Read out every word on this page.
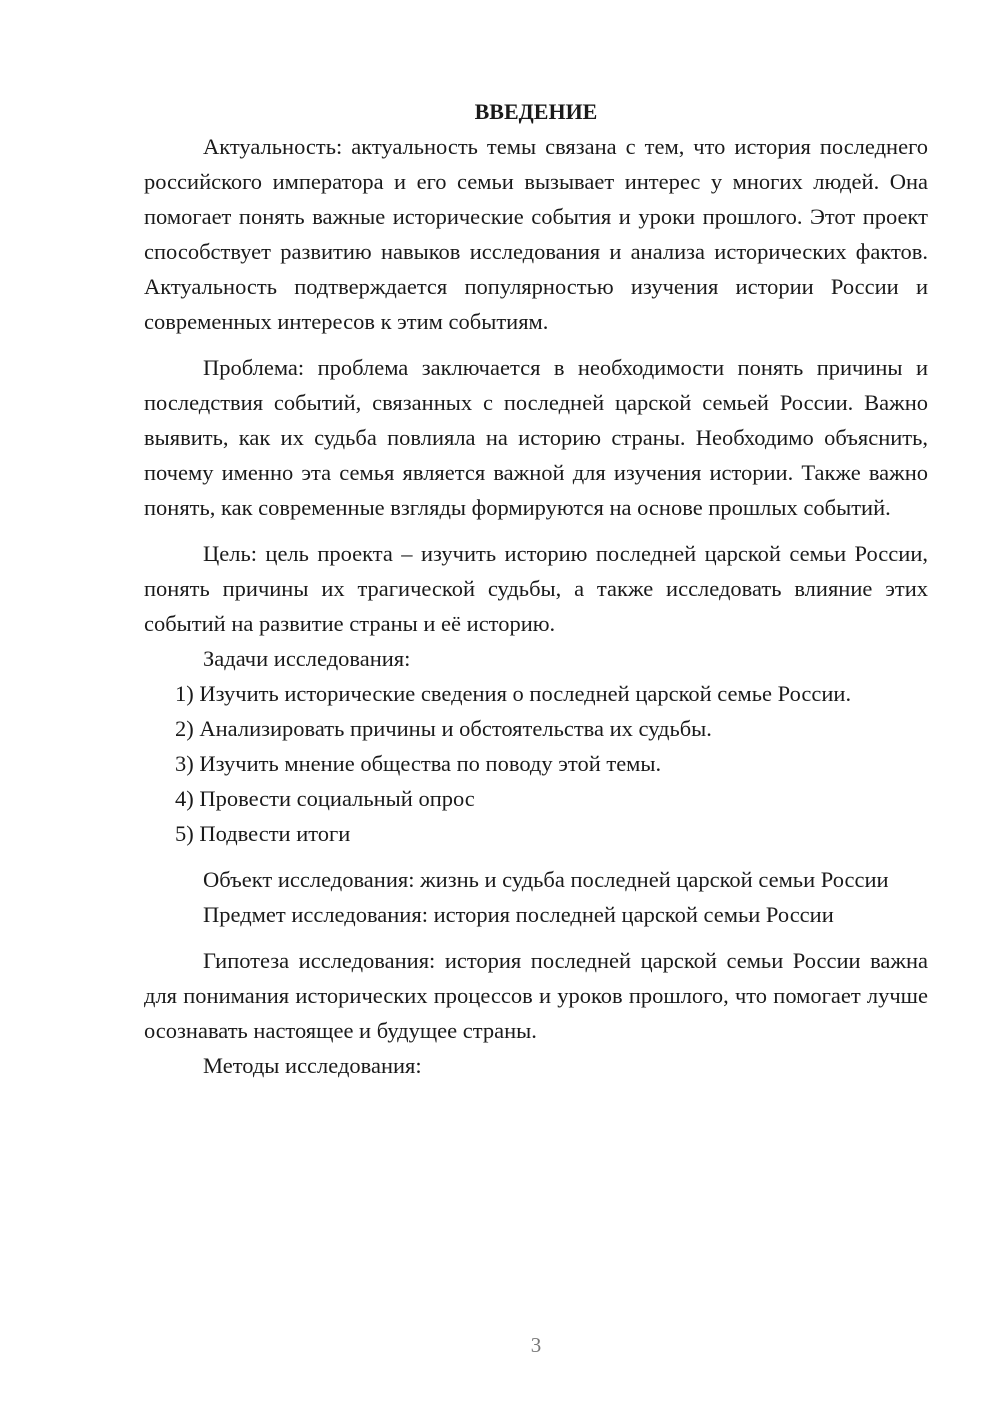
ВВЕДЕНИЕ

Актуальность: актуальность темы связана с тем, что история последнего российского императора и его семьи вызывает интерес у многих людей. Она помогает понять важные исторические события и уроки прошлого. Этот проект способствует развитию навыков исследования и анализа исторических фактов. Актуальность подтверждается популярностью изучения истории России и современных интересов к этим событиям.

Проблема: проблема заключается в необходимости понять причины и последствия событий, связанных с последней царской семьей России. Важно выявить, как их судьба повлияла на историю страны. Необходимо объяснить, почему именно эта семья является важной для изучения истории. Также важно понять, как современные взгляды формируются на основе прошлых событий.

Цель: цель проекта – изучить историю последней царской семьи России, понять причины их трагической судьбы, а также исследовать влияние этих событий на развитие страны и её историю.

Задачи исследования:

1) Изучить исторические сведения о последней царской семье России.

2) Анализировать причины и обстоятельства их судьбы.

3) Изучить мнение общества по поводу этой темы.

4) Провести социальный опрос

5) Подвести итоги

Объект исследования: жизнь и судьба последней царской семьи России

Предмет исследования: история последней царской семьи России

Гипотеза исследования: история последней царской семьи России важна для понимания исторических процессов и уроков прошлого, что помогает лучше осознавать настоящее и будущее страны.

Методы исследования:

3
